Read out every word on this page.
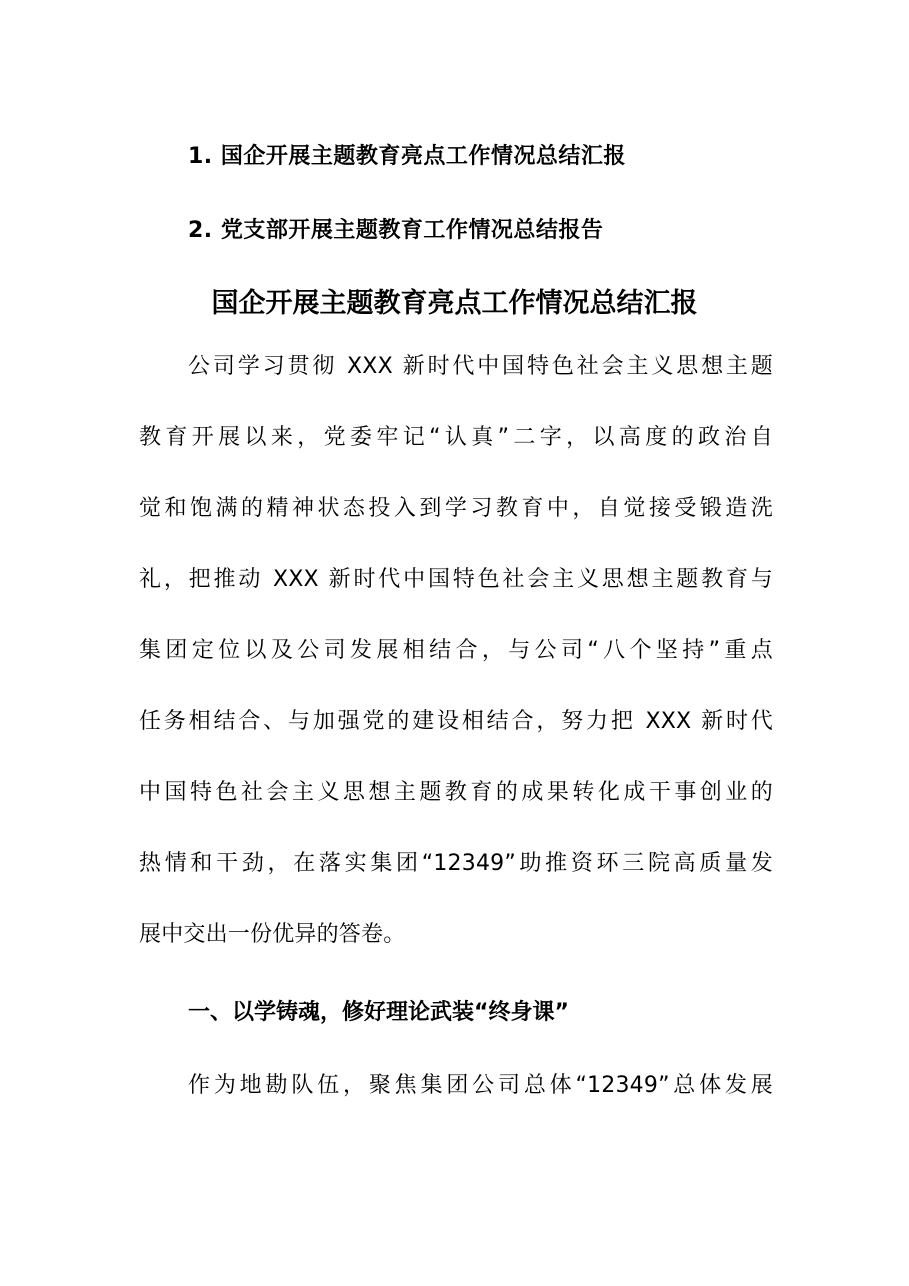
1. 国企开展主题教育亮点工作情况总结汇报
2. 党支部开展主题教育工作情况总结报告
国企开展主题教育亮点工作情况总结汇报
公司学习贯彻 XXX 新时代中国特色社会主义思想主题
教育开展以来，党委牢记“认真”二字，以高度的政治自
觉和饱满的精神状态投入到学习教育中，自觉接受锻造洗
礼，把推动 XXX 新时代中国特色社会主义思想主题教育与
集团定位以及公司发展相结合，与公司“八个坚持”重点
任务相结合、与加强党的建设相结合，努力把 XXX 新时代
中国特色社会主义思想主题教育的成果转化成干事创业的
热情和干劲，在落实集团“12349”助推资环三院高质量发
展中交出一份优异的答卷。
一、以学铸魂，修好理论武装“终身课”
作为地勘队伍，聚焦集团公司总体“12349”总体发展
